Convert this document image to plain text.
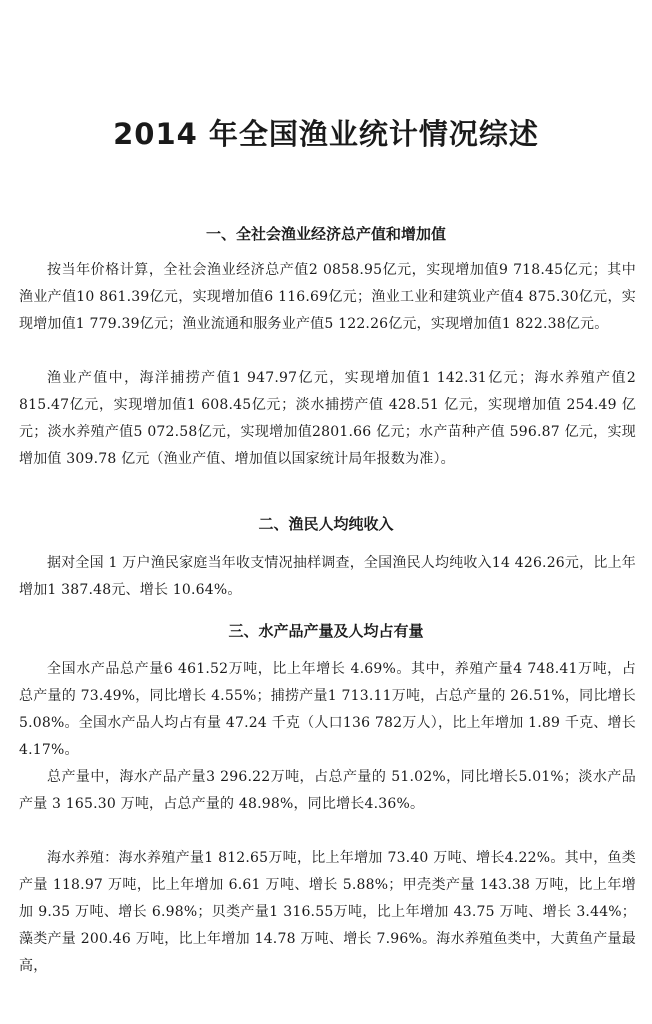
2014 年全国渔业统计情况综述
一、全社会渔业经济总产值和增加值

按当年价格计算，全社会渔业经济总产值2 0858.95亿元，实现增加值9 718.45亿元；其中渔业产值10 861.39亿元，实现增加值6 116.69亿元；渔业工业和建筑业产值4 875.30亿元，实现增加值1 779.39亿元；渔业流通和服务业产值5 122.26亿元，实现增加值1 822.38亿元。

渔业产值中，海洋捕捞产值1 947.97亿元，实现增加值1 142.31亿元；海水养殖产值2 815.47亿元，实现增加值1 608.45亿元；淡水捕捞产值 428.51 亿元，实现增加值 254.49 亿元；淡水养殖产值5 072.58亿元，实现增加值2801.66 亿元；水产苗种产值 596.87 亿元，实现增加值 309.78 亿元（渔业产值、增加值以国家统计局年报数为准）。

二、渔民人均纯收入

据对全国 1 万户渔民家庭当年收支情况抽样调查，全国渔民人均纯收入14 426.26元，比上年增加1 387.48元、增长 10.64%。

三、水产品产量及人均占有量

全国水产品总产量6 461.52万吨，比上年增长 4.69%。其中，养殖产量4 748.41万吨，占总产量的 73.49%，同比增长 4.55%；捕捞产量1 713.11万吨，占总产量的 26.51%，同比增长 5.08%。全国水产品人均占有量 47.24 千克（人口136 782万人），比上年增加 1.89 千克、增长 4.17%。

总产量中，海水产品产量3 296.22万吨，占总产量的 51.02%，同比增长5.01%；淡水产品产量 3 165.30 万吨，占总产量的 48.98%，同比增长4.36%。

海水养殖：海水养殖产量1 812.65万吨，比上年增加 73.40 万吨、增长4.22%。其中，鱼类产量 118.97 万吨，比上年增加 6.61 万吨、增长 5.88%；甲壳类产量 143.38 万吨，比上年增加 9.35 万吨、增长 6.98%；贝类产量1 316.55万吨，比上年增加 43.75 万吨、增长 3.44%；藻类产量 200.46 万吨，比上年增加 14.78 万吨、增长 7.96%。海水养殖鱼类中，大黄鱼产量最高，
